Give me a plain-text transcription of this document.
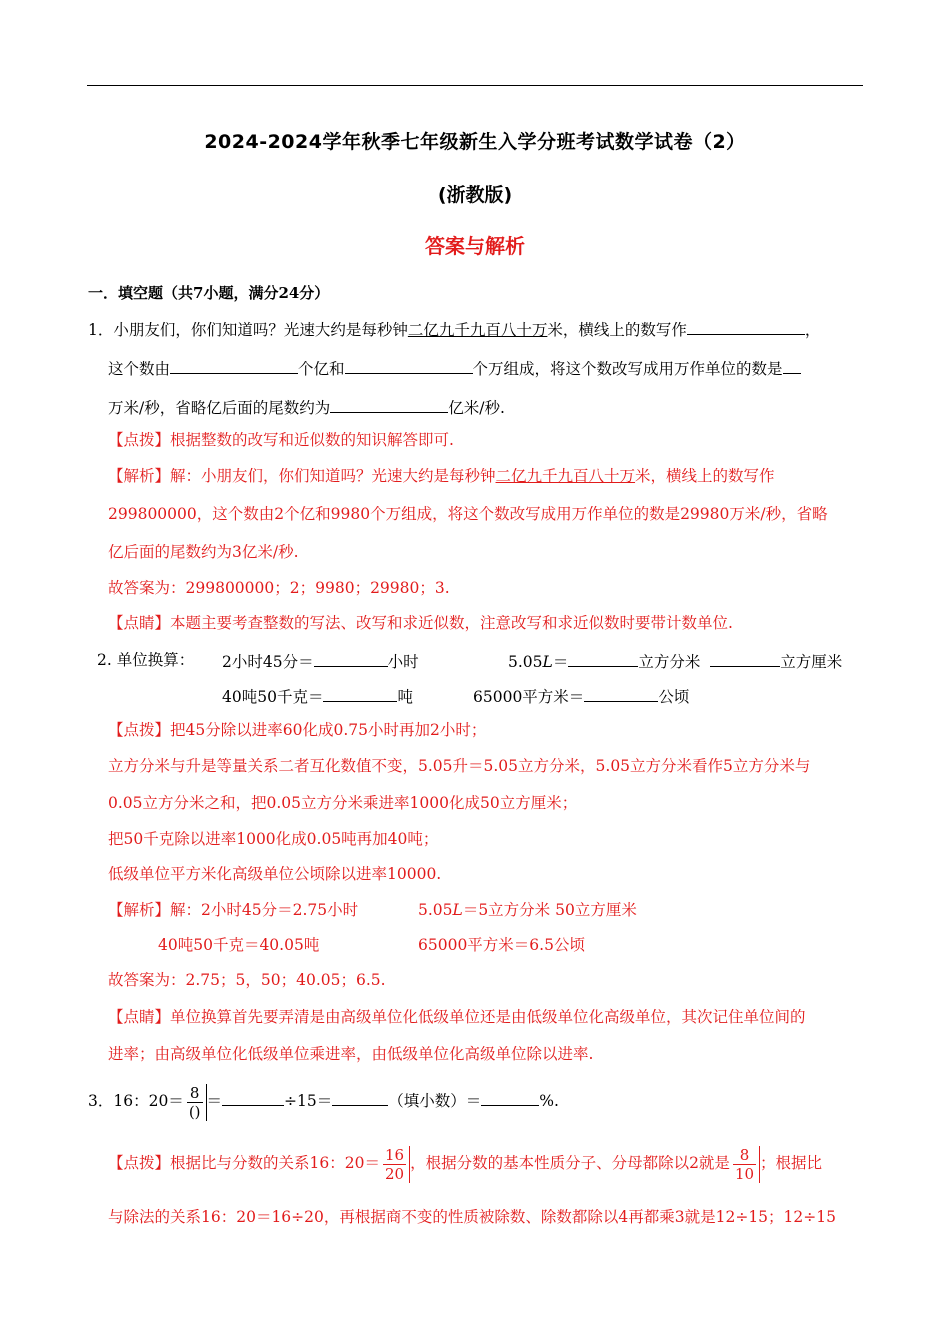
2024-2024学年秋季七年级新生入学分班考试数学试卷（2）
(浙教版)
答案与解析
一．填空题（共7小题，满分24分）
1．小朋友们，你们知道吗？光速大约是每秒钟二亿九千九百八十万米，横线上的数写作	，
这个数由	个亿和	个万组成，将这个数改写成用万作单位的数是
万米/秒，省略亿后面的尾数约为	亿米/秒.
【点拨】根据整数的改写和近似数的知识解答即可.
【解析】解：小朋友们，你们知道吗？光速大约是每秒钟二亿九千九百八十万米，横线上的数写作
299800000，这个数由2个亿和9980个万组成，将这个数改写成用万作单位的数是29980万米/秒，省略
亿后面的尾数约为3亿米/秒.
故答案为：299800000；2；9980；29980；3.
【点睛】本题主要考查整数的写法、改写和求近似数，注意改写和求近似数时要带计数单位.
2. 单位换算： 2小时45分＝	小时	5.05L＝	立方分米	立方厘米
40吨50千克＝	吨	65000平方米＝	公顷
【点拨】把45分除以进率60化成0.75小时再加2小时；
立方分米与升是等量关系二者互化数值不变，5.05升＝5.05立方分米，5.05立方分米看作5立方分米与
0.05立方分米之和，把0.05立方分米乘进率1000化成50立方厘米；
把50千克除以进率1000化成0.05吨再加40吨；
低级单位平方米化高级单位公顷除以进率10000.
【解析】解：2小时45分＝2.75小时	5.05L＝5立方分米 50立方厘米
40吨50千克＝40.05吨	65000平方米＝6.5公顷
故答案为：2.75；5，50；40.05；6.5.
【点睛】单位换算首先要弄清是由高级单位化低级单位还是由低级单位化高级单位，其次记住单位间的
进率；由高级单位化低级单位乘进率，由低级单位化高级单位除以进率.
3．16：$20= \frac{8}{()}$ ＝	÷15＝	（填小数）＝	%.
【点拨】根据比与分数的关系16：$20= \frac{16}{20}$ ，根据分数的基本性质分子、分母都除以2就是 $\frac{8}{10}$ ；根据比
与除法的关系16：20＝16÷20，再根据商不变的性质被除数、除数都除以4再都乘3就是12÷15；12÷15
